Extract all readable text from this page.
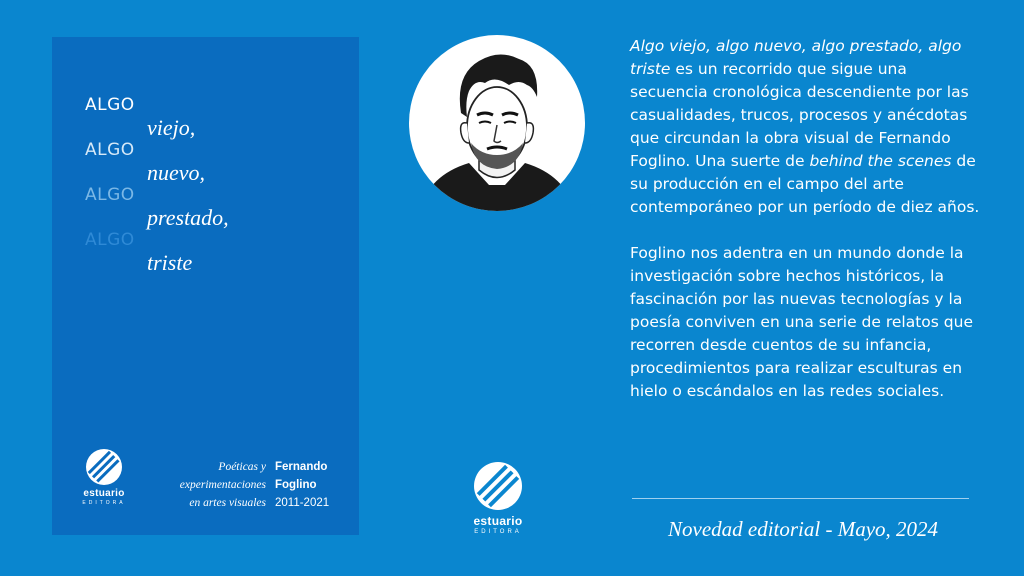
ALGO
viejo,
ALGO
nuevo,
ALGO
prestado,
ALGO
triste
estuario
EDITORA
Poéticas y
experimentaciones
en artes visuales
Fernando
Foglino
2011-2021
estuario
EDITORA

Algo viejo, algo nuevo, algo prestado, algo triste es un recorrido que sigue una secuencia cronológica descendiente por las casualidades, trucos, procesos y anécdotas que circundan la obra visual de Fernando Foglino. Una suerte de behind the scenes de su producción en el campo del arte contemporáneo por un período de diez años.

Foglino nos adentra en un mundo donde la investigación sobre hechos históricos, la fascinación por las nuevas tecnologías y la poesía conviven en una serie de relatos que recorren desde cuentos de su infancia, procedimientos para realizar esculturas en hielo o escándalos en las redes sociales.

Novedad editorial - Mayo, 2024
